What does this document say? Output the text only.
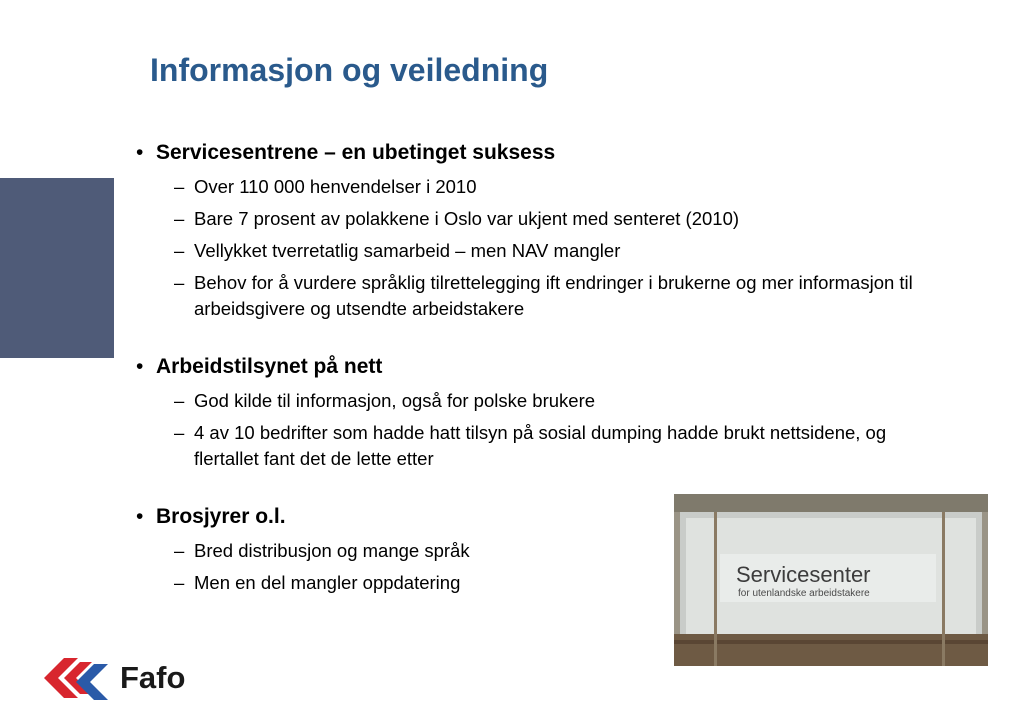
Informasjon og veiledning
• Servicesentrene – en ubetinget suksess
– Over 110 000 henvendelser i 2010
– Bare 7 prosent av polakkene i Oslo var ukjent med senteret (2010)
– Vellykket tverretatlig samarbeid – men NAV mangler
– Behov for å vurdere språklig tilrettelegging ift endringer i brukerne og mer informasjon til arbeidsgivere og utsendte arbeidstakere
• Arbeidstilsynet på nett
– God kilde til informasjon, også for polske brukere
– 4 av 10 bedrifter som hadde hatt tilsyn på sosial dumping hadde brukt nettsidene, og flertallet fant det de lette etter
• Brosjyrer o.l.
– Bred distribusjon og mange språk
– Men en del mangler oppdatering	Servicesenter
for utenlandske arbeidstakere
Fafo
